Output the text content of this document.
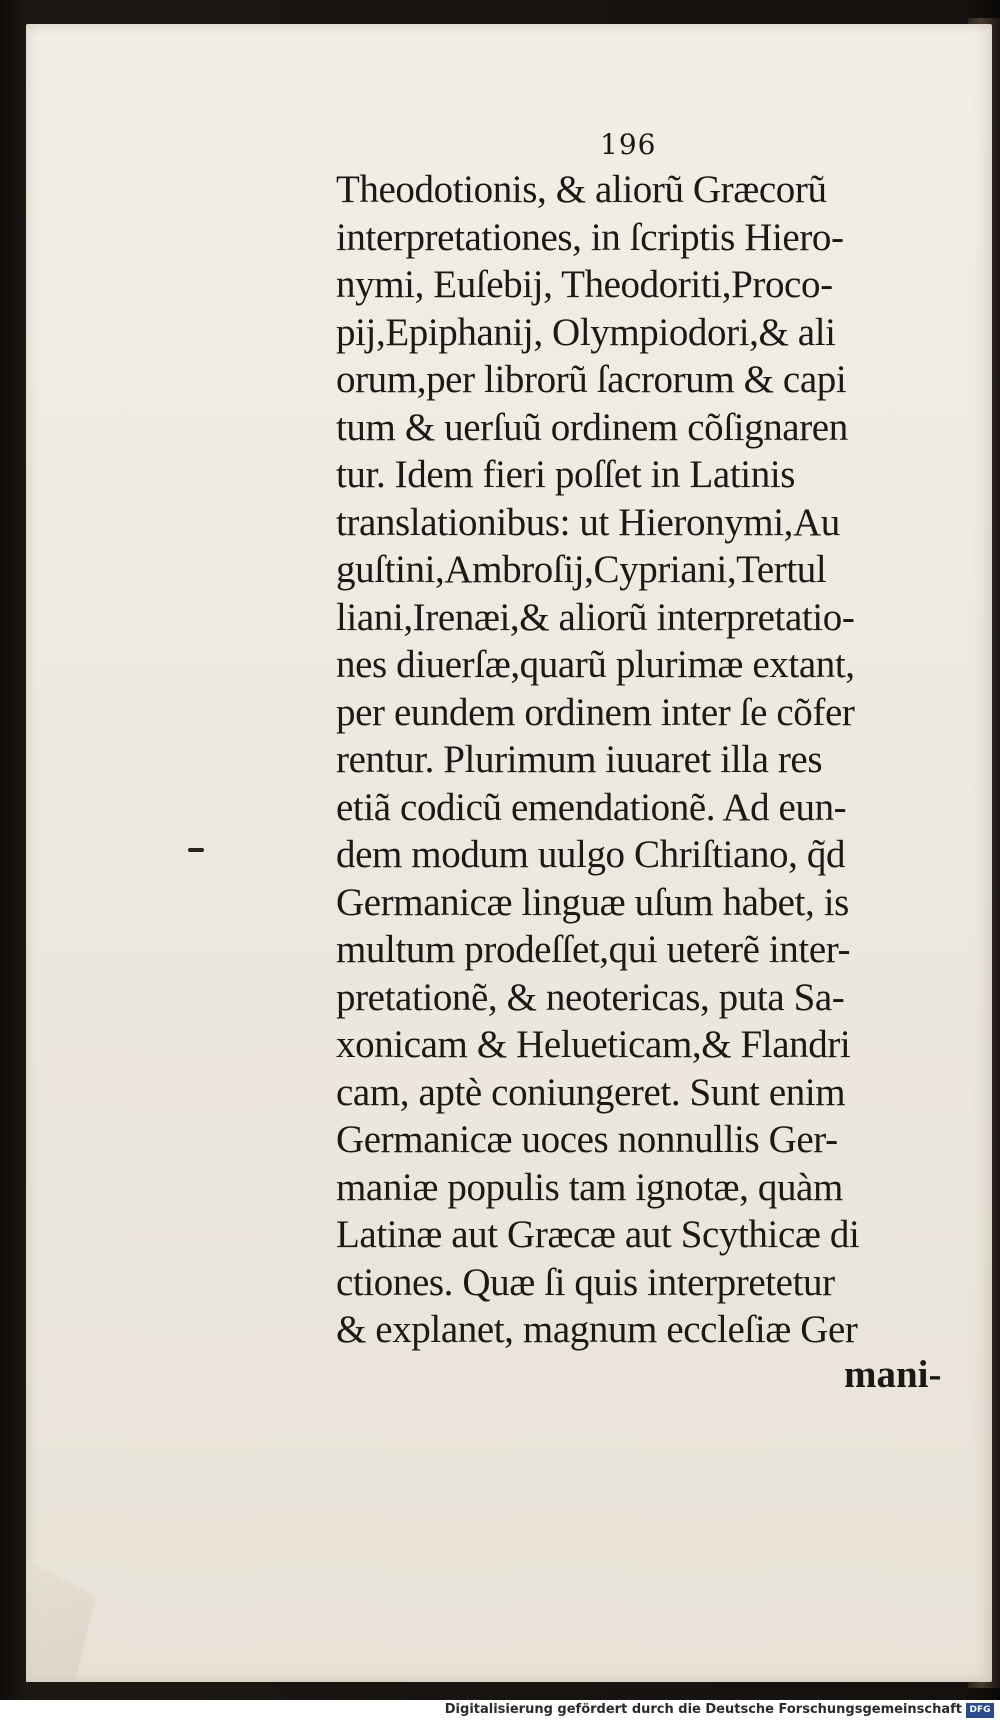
196
Theodotionis, & aliorũ Græcorũ
interpretationes, in ſcriptis Hiero-
nymi, Euſebij, Theodoriti,Proco-
pij,Epiphanij, Olympiodori,& ali
orum,per librorũ ſacrorum & capi
tum & uerſuũ ordinem cõſignaren
tur. Idem fieri poſſet in Latinis
translationibus: ut Hieronymi,Au
guſtini,Ambroſij,Cypriani,Tertul
liani,Irenæi,& aliorũ interpretatio-
nes diuerſæ,quarũ plurimæ extant,
per eundem ordinem inter ſe cõfer
rentur. Plurimum iuuaret illa res
etiã codicũ emendationẽ. Ad eun-
dem modum uulgo Chriſtiano, q̃d
Germanicæ linguæ uſum habet, is
multum prodeſſet,qui ueterẽ inter-
pretationẽ, & neotericas, puta Sa-
xonicam & Helueticam,& Flandri
cam, aptè coniungeret. Sunt enim
Germanicæ uoces nonnullis Ger-
maniæ populis tam ignotæ, quàm
Latinæ aut Græcæ aut Scythicæ di
ctiones. Quæ ſi quis interpretetur
& explanet, magnum eccleſiæ Ger
mani-
Digitalisierung gefördert durch die Deutsche Forschungsgemeinschaft DFG
